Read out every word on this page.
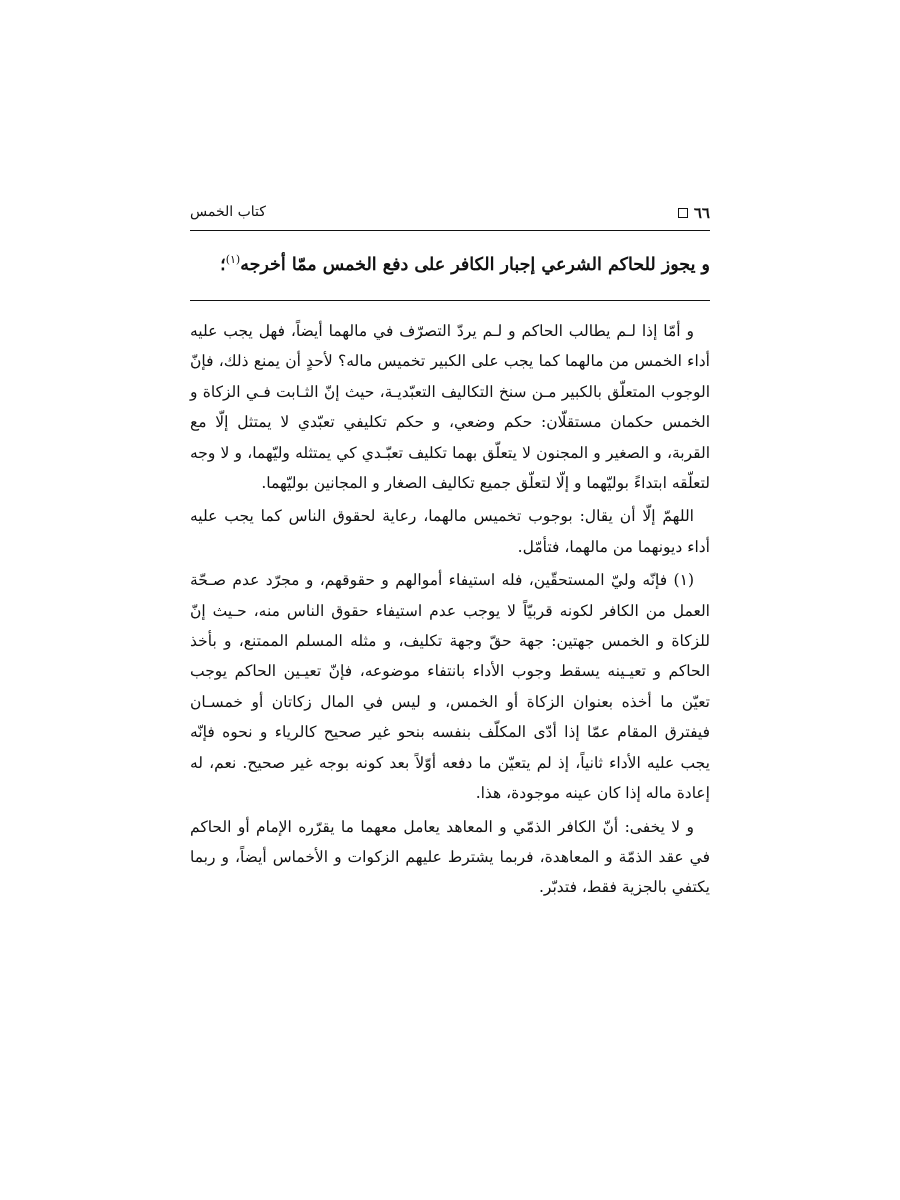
٦٦
كتاب الخمس
و يجوز للحاكم الشرعي إجبار الكافر على دفع الخمس ممّا أخرجه$^{(١)}$؛

و أمّا إذا لـم يطالب الحاكم و لـم يردّ التصرّف في مالهما أيضاً، فهل يجب عليه أداء الخمس من مالهما كما يجب على الكبير تخميس ماله؟ لأحدٍ أن يمنع ذلك، فإنّ الوجوب المتعلّق بالكبير مـن سنخ التكاليف التعبّديـة، حيث إنّ الثـابت فـي الزكاة و الخمس حكمان مستقلّان: حكم وضعي، و حكم تكليفي تعبّدي لا يمتثل إلّا مع القربة، و الصغير و المجنون لا يتعلّق بهما تكليف تعبّـدي كي يمتثله وليّهما، و لا وجه لتعلّقه ابتداءً بوليّهما و إلّا لتعلّق جميع تكاليف الصغار و المجانين بوليّهما.

اللهمّ إلّا أن يقال: بوجوب تخميس مالهما، رعاية لحقوق الناس كما يجب عليه أداء ديونهما من مالهما، فتأمّل.

(١) فإنّه وليّ المستحقّين، فله استيفاء أموالهم و حقوقهم، و مجرّد عدم صـحّة العمل من الكافر لكونه قربيّاً لا يوجب عدم استيفاء حقوق الناس منه، حـيث إنّ للزكاة و الخمس جهتين: جهة حقّ وجهة تكليف، و مثله المسلم الممتنع، و بأخذ الحاكم و تعيـينه يسقط وجوب الأداء بانتفاء موضوعه، فإنّ تعيـين الحاكم يوجب تعيّن ما أخذه بعنوان الزكاة أو الخمس، و ليس في المال زكاتان أو خمسـان فيفترق المقام عمّا إذا أدّى المكلّف بنفسه بنحو غير صحيح كالرياء و نحوه فإنّه يجب عليه الأداء ثانياً، إذ لم يتعيّن ما دفعه أوّلاً بعد كونه بوجه غير صحيح. نعم، له إعادة ماله إذا كان عينه موجودة، هذا.

و لا يخفى: أنّ الكافر الذمّي و المعاهد يعامل معهما ما يقرّره الإمام أو الحاكم في عقد الذمّة و المعاهدة، فربما يشترط عليهم الزكوات و الأخماس أيضاً، و ربما يكتفي بالجزية فقط، فتدبّر.
